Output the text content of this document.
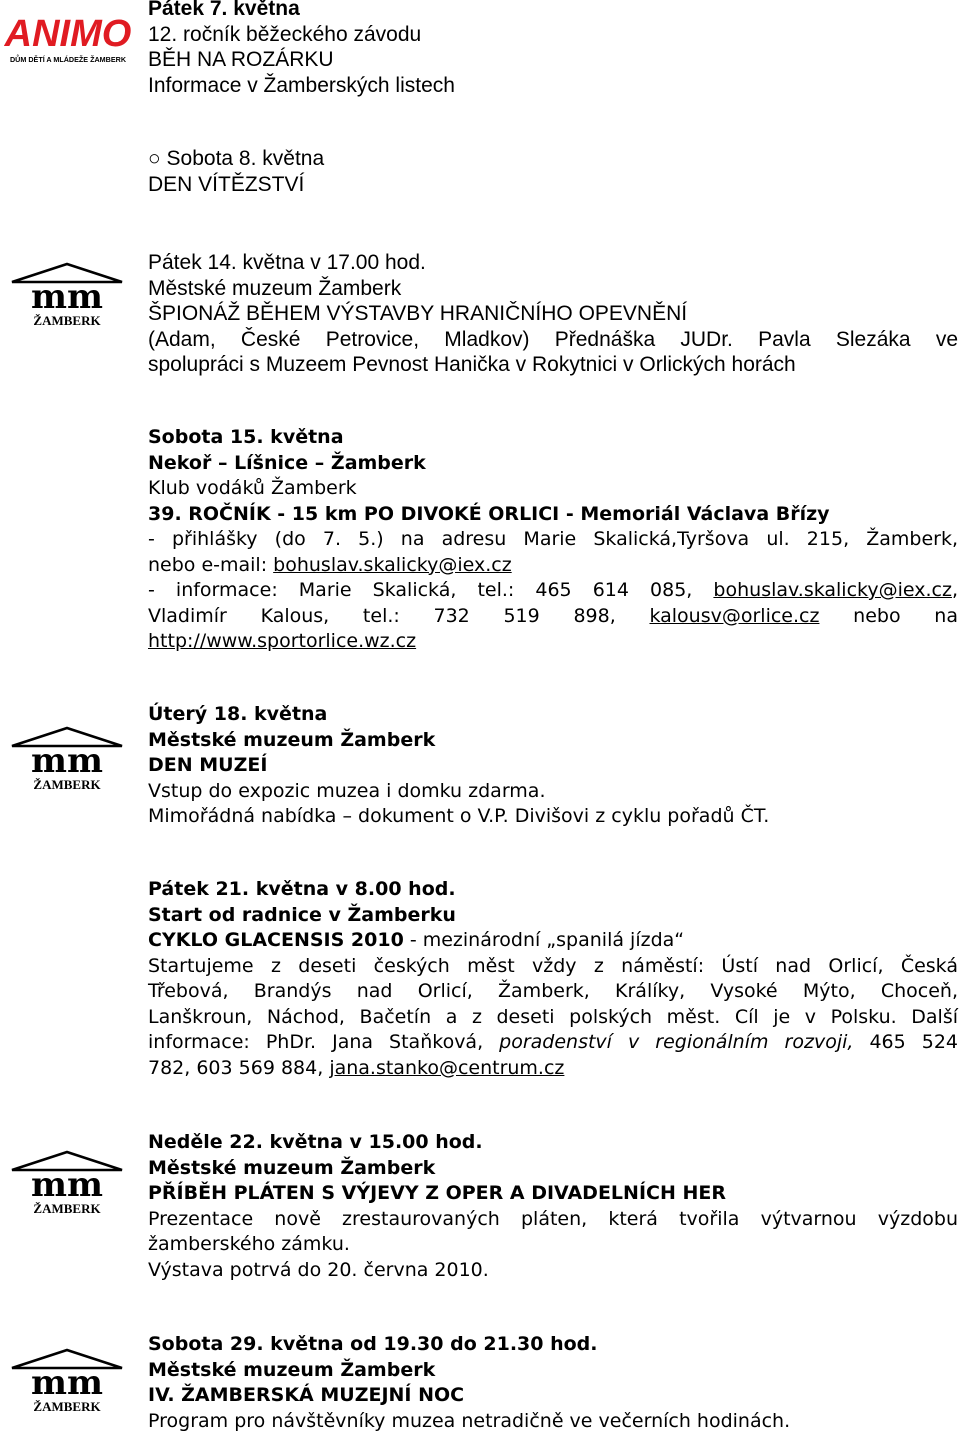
ANIMO
DŮM DĚTÍ A MLÁDEŽE ŽAMBERK
mm
ŽAMBERK
mm
ŽAMBERK
mm
ŽAMBERK
mm
ŽAMBERK
Pátek 7. května
12. ročník běžeckého závodu
BĚH NA ROZÁRKU
Informace v Žamberských listech
○ Sobota 8. května
DEN VÍTĚZSTVÍ
Pátek 14. května v 17.00 hod.
Městské muzeum Žamberk
ŠPIONÁŽ BĚHEM VÝSTAVBY HRANIČNÍHO OPEVNĚNÍ
(Adam, České Petrovice, Mladkov) Přednáška JUDr. Pavla Slezáka ve
spolupráci s Muzeem Pevnost Hanička v Rokytnici v Orlických horách
Sobota 15. května
Nekoř – Líšnice – Žamberk
Klub vodáků Žamberk
39. ROČNÍK - 15 km PO DIVOKÉ ORLICI - Memoriál Václava Břízy
- přihlášky (do 7. 5.) na adresu Marie Skalická,Tyršova ul. 215, Žamberk,
nebo e-mail: bohuslav.skalicky@iex.cz
- informace: Marie Skalická, tel.: 465 614 085, bohuslav.skalicky@iex.cz,
Vladimír Kalous, tel.: 732 519 898, kalousv@orlice.cz nebo na
http://www.sportorlice.wz.cz
Úterý 18. května
Městské muzeum Žamberk
DEN MUZEÍ
Vstup do expozic muzea i domku zdarma.
Mimořádná nabídka – dokument o V.P. Divišovi z cyklu pořadů ČT.
Pátek 21. května v 8.00 hod.
Start od radnice v Žamberku
CYKLO GLACENSIS 2010 - mezinárodní „spanilá jízda“
Startujeme z deseti českých měst vždy z náměstí: Ústí nad Orlicí, Česká
Třebová, Brandýs nad Orlicí, Žamberk, Králíky, Vysoké Mýto, Choceň,
Lanškroun, Náchod, Bačetín a z deseti polských měst. Cíl je v Polsku. Další
informace: PhDr. Jana Staňková, poradenství v regionálním rozvoji, 465 524
782, 603 569 884, jana.stanko@centrum.cz
Neděle 22. května v 15.00 hod.
Městské muzeum Žamberk
PŘÍBĚH PLÁTEN S VÝJEVY Z OPER A DIVADELNÍCH HER
Prezentace nově zrestaurovaných pláten, která tvořila výtvarnou výzdobu
žamberského zámku.
Výstava potrvá do 20. června 2010.
Sobota 29. května od 19.30 do 21.30 hod.
Městské muzeum Žamberk
IV. ŽAMBERSKÁ MUZEJNÍ NOC
Program pro návštěvníky muzea netradičně ve večerních hodinách.
